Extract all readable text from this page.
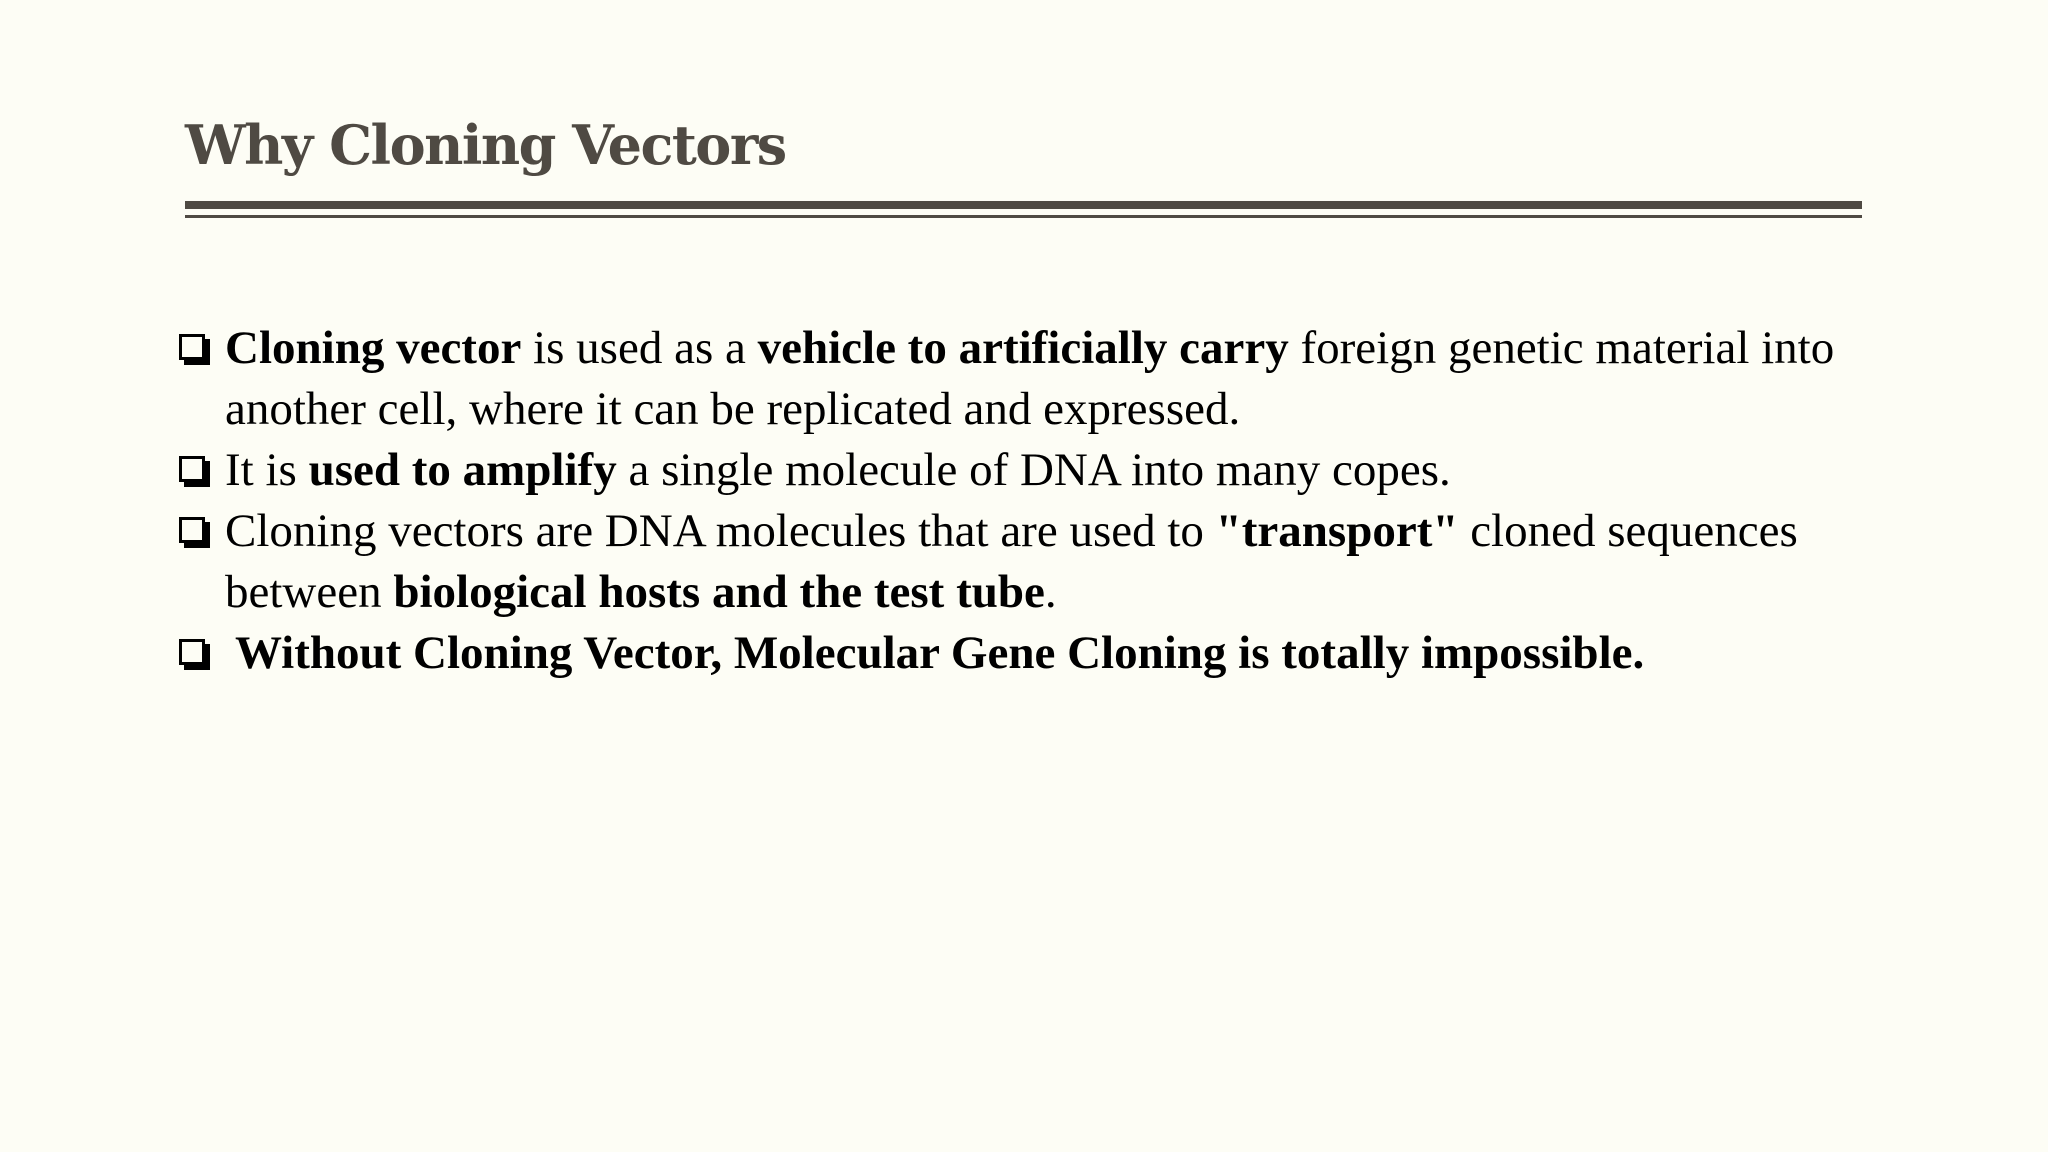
Why Cloning Vectors
Cloning vector is used as a vehicle to artificially carry foreign genetic material into another cell, where it can be replicated and expressed.
It is used to amplify a single molecule of DNA into many copes.
Cloning vectors are DNA molecules that are used to "transport" cloned sequences between biological hosts and the test tube.
Without Cloning Vector, Molecular Gene Cloning is totally impossible.
